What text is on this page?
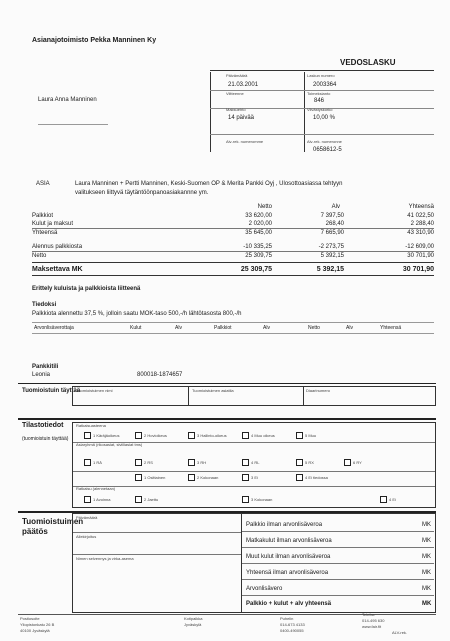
Asianajotoimisto Pekka Manninen Ky
VEDOSLASKU
Päivämäärä
21.03.2001
Laskun numero
2003364
Viitteenne	Toimeksianto
846
Maksuehto
14 päivää
Viivästyskorko
10,00 %
Alv-rek. numeromme	Alv-rek. numeronne
0658612-5
Laura Anna Manninen
ASIA	Laura Manninen + Pertti Manninen, Keski-Suomen OP & Merita Pankki Oyj , Ulosottoasiassa tehtyyn
valitukseen liittyvä täytäntöönpanoasiakannne ym.
Netto	Alv	Yhteensä
Palkkiot	33 620,00	7 397,50	41 022,50
Kulut ja maksut	2 020,00	268,40	2 288,40
Yhteensä	35 645,00	7 665,90	43 310,90
Alennus palkkiosta	-10 335,25	-2 273,75	-12 609,00
Netto	25 309,75	5 392,15	30 701,90
Maksettava MK	25 309,75	5 392,15	30 701,90
Erittely kuluista ja palkkioista liitteenä
Tiedoksi
Palkkiota alennettu 37,5 %, jolloin saatu MOK-taso 500,-/h lähtötasosta 800,-/h
Arvonlisäverottaja	Kulut	Alv	Palkkiot	Alv	Netto	Alv	Yhteensä
Pankkitili
Leonia	800018-1874657
Tuomioistuin täyttää
Tuomioistuimen nimi	Tuomioistuimen asiatila	Diaarinumero
Tilastotiedot
(tuomioistuin täyttää)
Ratkaisuasteena
1 Käräjäoikeus	2 Hovioikeus	3 Hallinto-oikeus	4 Muu oikeus	5 Muu
Asiaryhmä (rikosasiat, siviiliasiat tms)
1 RÄ	2 RS	3 RH	4 RL	5 RX	6 RY
1 Osittainen	2 Kokonaan	3 Ei	4 Ei tiedossa
Ratkaisu (alennetaan)
1 Avoinna	2 Jaettu	3 Kokonaan	4 Ei
Tuomioistuimen päätös
Päivämäärä
Allekirjoitus
Nimen selvennys ja virka-asema
Palkkio ilman arvonlisäveroa	MK
Matkakulut ilman arvonlisäveroa	MK
Muut kulut ilman arvonlisäveroa	MK
Yhteensä ilman arvonlisäveroa	MK
Arvonlisävero	MK
Palkkio + kulut + alv yhteensä	MK
Postiosoite
Yliopistonkatu 26 B
40100 Jyväskylä
Kotipaikka
Jyväskylä
Puhelin
014-673 4133
0400-490055
Telefax
014-495 630
www.fair.fit
ALV-rek.
